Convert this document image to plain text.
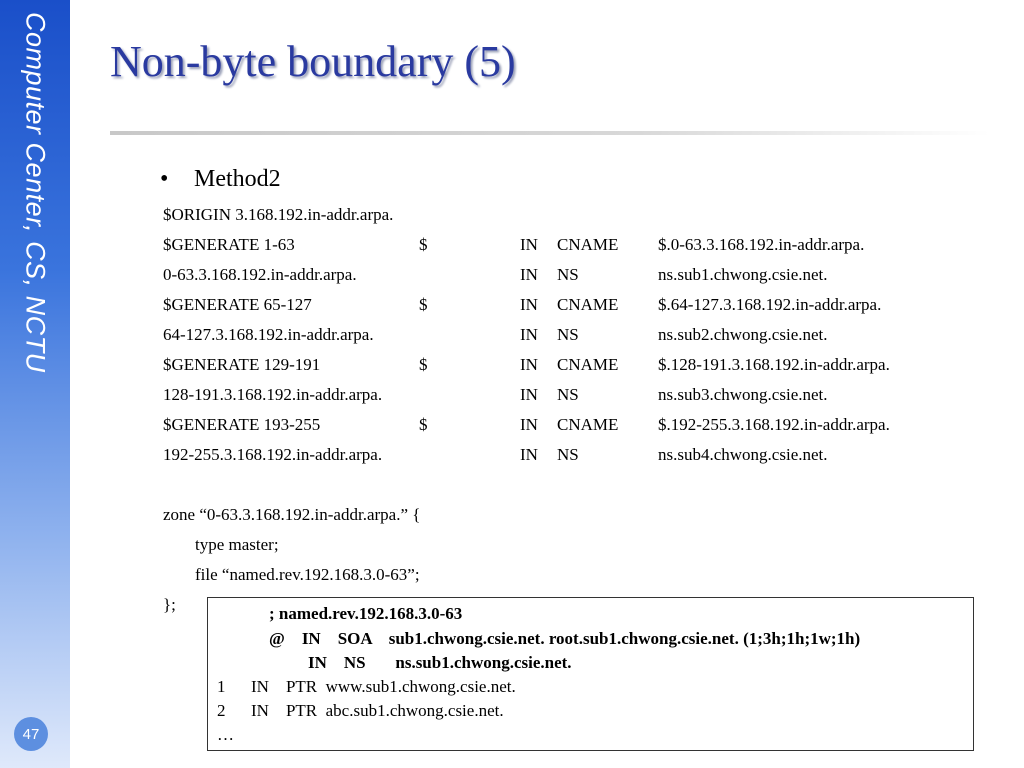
Computer Center, CS, NCTU
47
Non-byte boundary (5)
• Method2
$ORIGIN 3.168.192.in-addr.arpa.
$GENERATE 1-63	$	IN CNAME $.0-63.3.168.192.in-addr.arpa.
0-63.3.168.192.in-addr.arpa.	IN NS	ns.sub1.chwong.csie.net.
$GENERATE 65-127	$	IN CNAME $.64-127.3.168.192.in-addr.arpa.
64-127.3.168.192.in-addr.arpa.	IN NS	ns.sub2.chwong.csie.net.
$GENERATE 129-191	$	IN CNAME $.128-191.3.168.192.in-addr.arpa.
128-191.3.168.192.in-addr.arpa.	IN NS	ns.sub3.chwong.csie.net.
$GENERATE 193-255	$	IN CNAME $.192-255.3.168.192.in-addr.arpa.
192-255.3.168.192.in-addr.arpa.	IN NS	ns.sub4.chwong.csie.net.
zone “0-63.3.168.192.in-addr.arpa.” {
type master;
file “named.rev.192.168.3.0-63”;
};	; named.rev.192.168.3.0-63
@    IN    SOA    sub1.chwong.csie.net. root.sub1.chwong.csie.net. (1;3h;1h;1w;1h)
IN    NS       ns.sub1.chwong.csie.net.
1      IN    PTR  www.sub1.chwong.csie.net.
2      IN    PTR  abc.sub1.chwong.csie.net.
…
